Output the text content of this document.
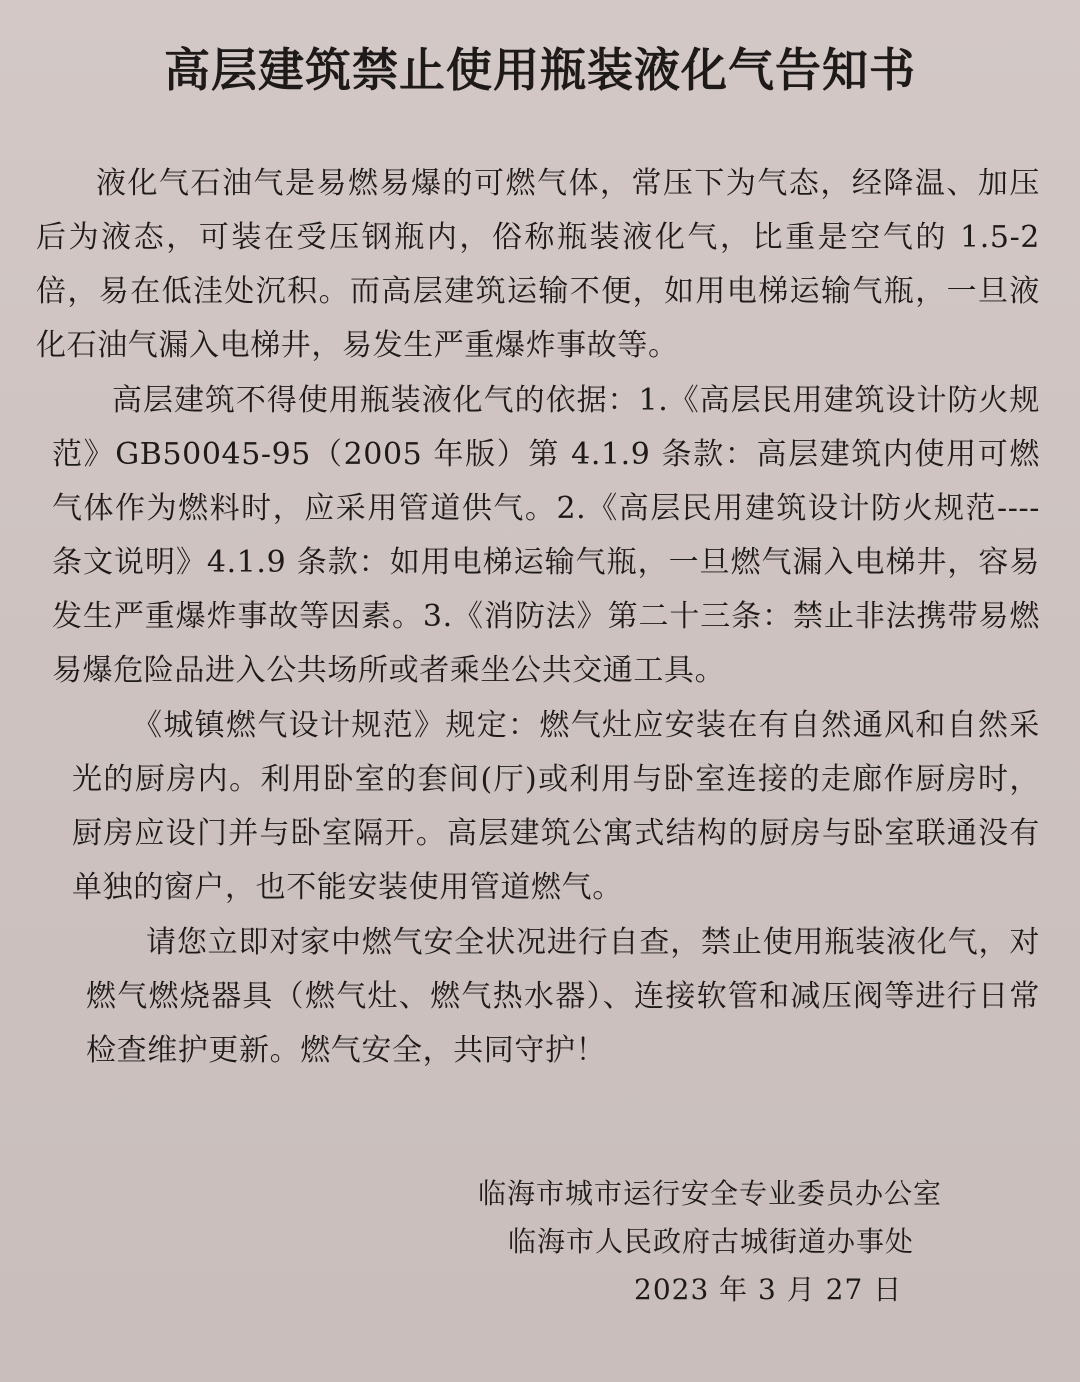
高层建筑禁止使用瓶装液化气告知书

液化气石油气是易燃易爆的可燃气体，常压下为气态，经降温、加压后为液态，可装在受压钢瓶内，俗称瓶装液化气，比重是空气的 1.5-2 倍，易在低洼处沉积。而高层建筑运输不便，如用电梯运输气瓶，一旦液化石油气漏入电梯井，易发生严重爆炸事故等。

高层建筑不得使用瓶装液化气的依据：1.《高层民用建筑设计防火规范》GB50045-95（2005 年版）第 4.1.9 条款：高层建筑内使用可燃气体作为燃料时，应采用管道供气。2.《高层民用建筑设计防火规范----条文说明》4.1.9 条款：如用电梯运输气瓶，一旦燃气漏入电梯井，容易发生严重爆炸事故等因素。3.《消防法》第二十三条：禁止非法携带易燃易爆危险品进入公共场所或者乘坐公共交通工具。

《城镇燃气设计规范》规定：燃气灶应安装在有自然通风和自然采光的厨房内。利用卧室的套间(厅)或利用与卧室连接的走廊作厨房时，厨房应设门并与卧室隔开。高层建筑公寓式结构的厨房与卧室联通没有单独的窗户，也不能安装使用管道燃气。

请您立即对家中燃气安全状况进行自查，禁止使用瓶装液化气，对燃气燃烧器具（燃气灶、燃气热水器）、连接软管和减压阀等进行日常检查维护更新。燃气安全，共同守护！

临海市城市运行安全专业委员办公室
临海市人民政府古城街道办事处
2023 年 3 月 27 日
